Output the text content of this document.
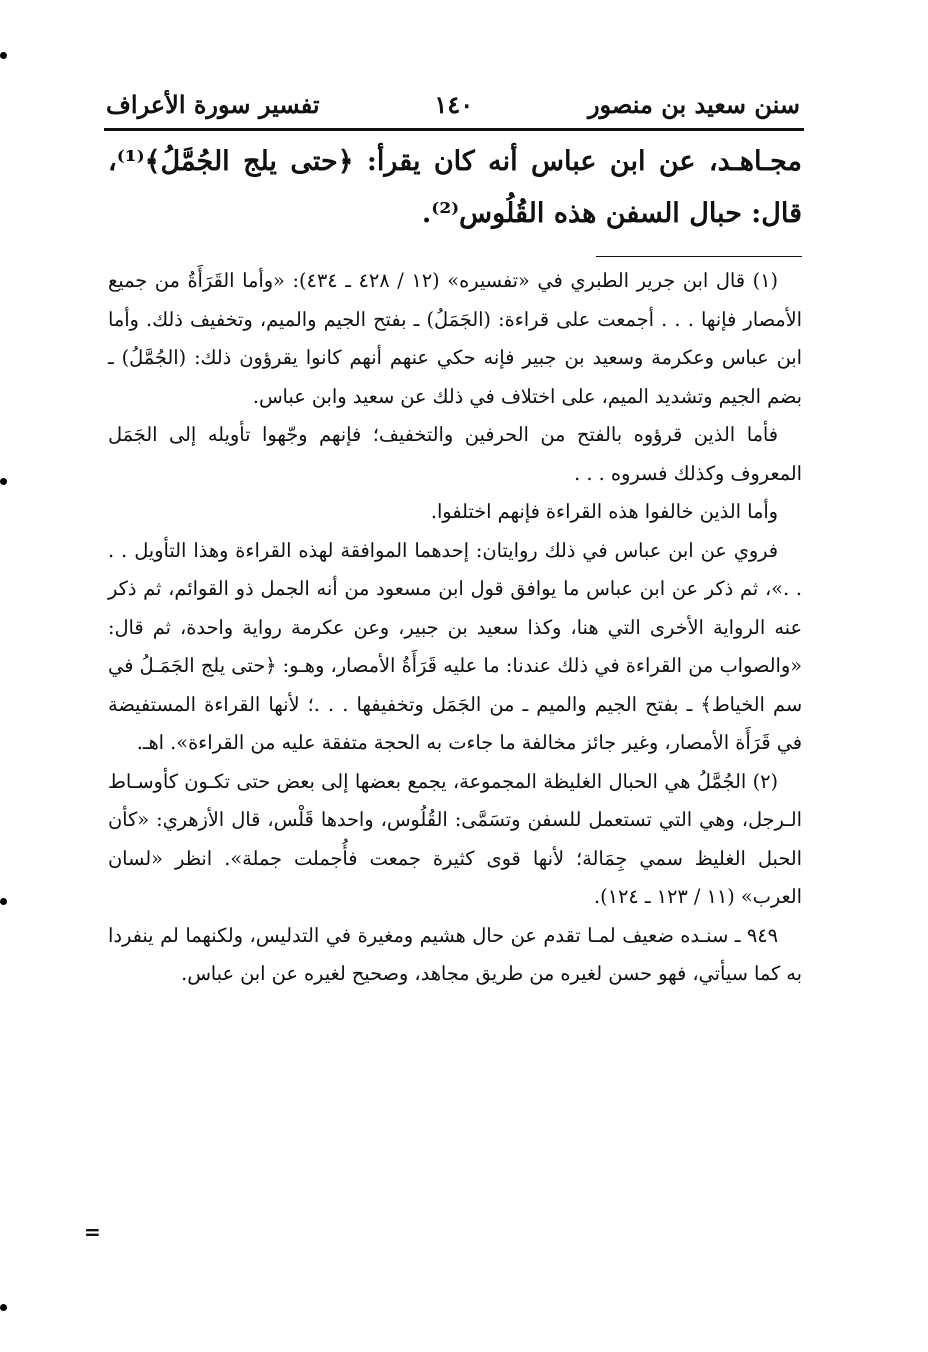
سنن سعيد بن منصور
١٤٠
تفسير سورة الأعراف
مجـاهـد، عن ابن عباس أنه كان يقرأ: ﴿حتى يلج الجُمَّلُ﴾⁽¹⁾، قال: حبال السفن هذه القُلُوس⁽²⁾.

(١) قال ابن جرير الطبري في «تفسيره» (١٢ / ٤٢٨ ـ ٤٣٤): «وأما القَرَأَةُ من جميع الأمصار فإنها . . . أجمعت على قراءة: (الجَمَلُ) ـ بفتح الجيم والميم، وتخفيف ذلك. وأما ابن عباس وعكرمة وسعيد بن جبير فإنه حكي عنهم أنهم كانوا يقرؤون ذلك: (الجُمَّلُ) ـ بضم الجيم وتشديد الميم، على اختلاف في ذلك عن سعيد وابن عباس.

فأما الذين قرؤوه بالفتح من الحرفين والتخفيف؛ فإنهم وجّهوا تأويله إلى الجَمَل المعروف وكذلك فسروه . . .

وأما الذين خالفوا هذه القراءة فإنهم اختلفوا.

فروي عن ابن عباس في ذلك روايتان: إحدهما الموافقة لهذه القراءة وهذا التأويل . . . .»، ثم ذكر عن ابن عباس ما يوافق قول ابن مسعود من أنه الجمل ذو القوائم، ثم ذكر عنه الرواية الأخرى التي هنا، وكذا سعيد بن جبير، وعن عكرمة رواية واحدة، ثم قال: «والصواب من القراءة في ذلك عندنا: ما عليه قَرَأَةُ الأمصار، وهـو: ﴿حتى يلج الجَمَـلُ في سم الخياط﴾ ـ بفتح الجيم والميم ـ من الجَمَل وتخفيفها . . .؛ لأنها القراءة المستفيضة في قَرَأَة الأمصار، وغير جائز مخالفة ما جاءت به الحجة متفقة عليه من القراءة». اهـ.

(٢) الجُمَّلُ هي الحبال الغليظة المجموعة، يجمع بعضها إلى بعض حتى تكـون كأوسـاط الـرجل، وهي التي تستعمل للسفن وتسَمَّى: القُلُوس، واحدها قَلْس، قال الأزهري: «كأن الحبل الغليظ سمي جِمَالة؛ لأنها قوى كثيرة جمعت فأُجملت جملة». انظر «لسان العرب» (١١ / ١٢٣ ـ ١٢٤).

٩٤٩ ـ سنـده ضعيف لمـا تقدم عن حال هشيم ومغيرة في التدليس، ولكنهما لم ينفردا به كما سيأتي، فهو حسن لغيره من طريق مجاهد، وصحيح لغيره عن ابن عباس.

=
